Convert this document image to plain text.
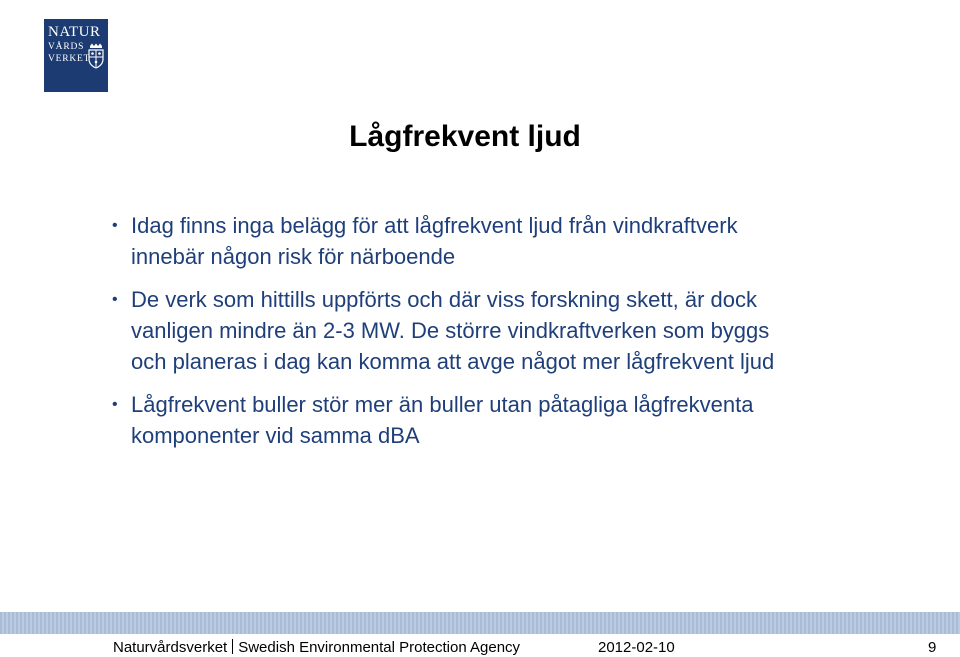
NATUR
VÅRDS
VERKET
Lågfrekvent ljud
• Idag finns inga belägg för att lågfrekvent ljud från vindkraftverk innebär någon risk för närboende
• De verk som hittills uppförts och där viss forskning skett, är dock vanligen mindre än 2-3 MW. De större vindkraftverken som byggs och planeras i dag kan komma att avge något mer lågfrekvent ljud
• Lågfrekvent buller stör mer än buller utan påtagliga lågfrekventa komponenter vid samma dBA
Naturvårdsverket Swedish Environmental Protection Agency	2012-02-10	9
